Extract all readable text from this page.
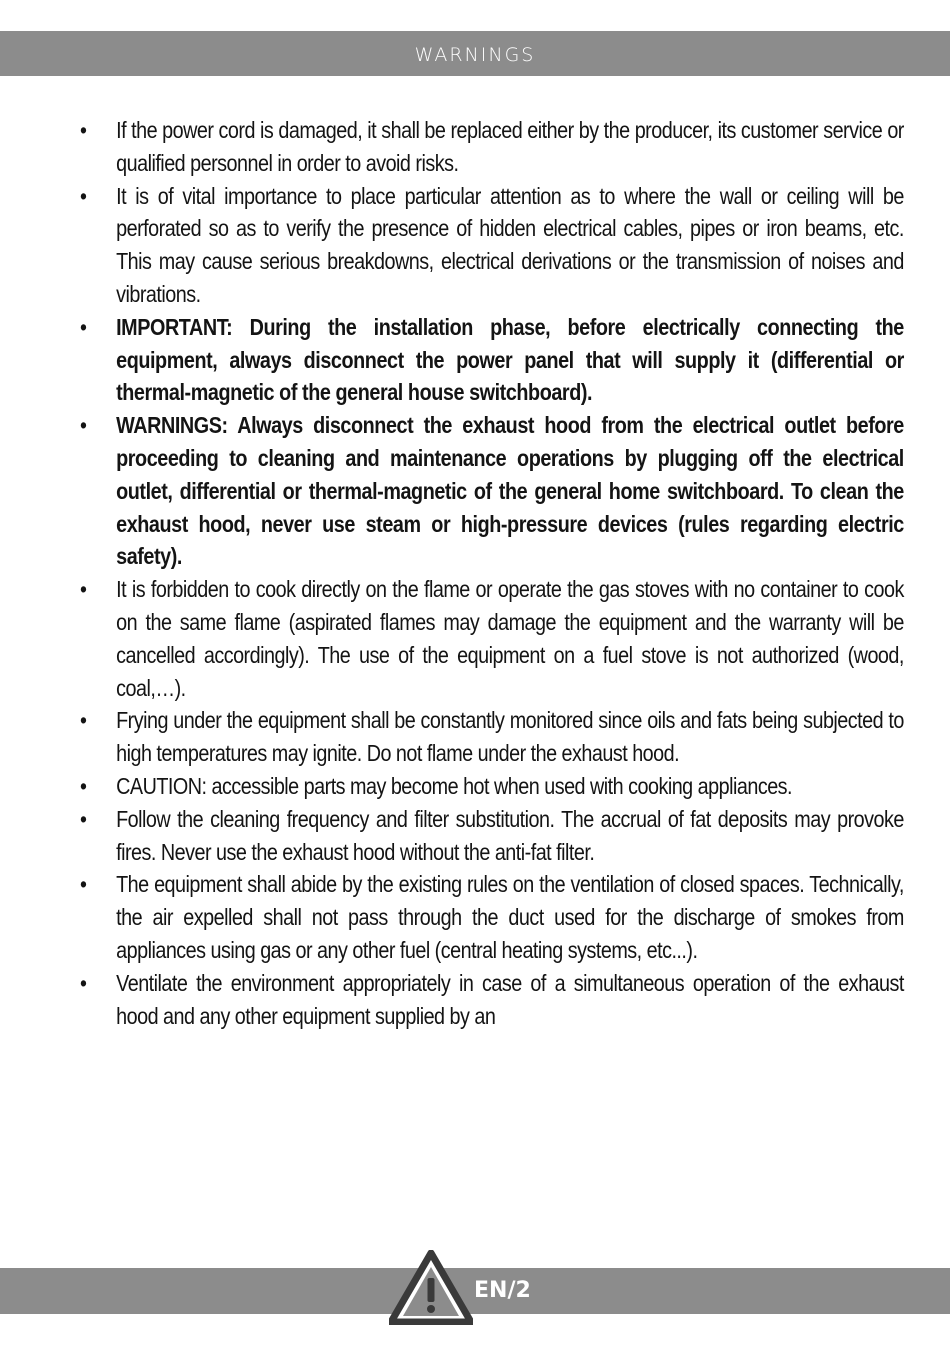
WARNINGS

•	If the power cord is damaged, it shall be replaced either by the producer, its customer service or qualified personnel in order to avoid risks.

•	It is of vital importance to place particular attention as to where the wall or ceiling will be perforated so as to verify the presence of hidden electrical cables, pipes or iron beams, etc. This may cause serious breakdowns, electrical derivations or the transmission of noises and vibrations.

•	IMPORTANT: During the installation phase, before electrically connecting the equipment, always disconnect the power panel that will supply it (differential or thermal-magnetic of the general house switchboard).

•	WARNINGS: Always disconnect the exhaust hood from the electrical outlet before proceeding to cleaning and maintenance operations by plugging off the electrical outlet, differential or thermal-magnetic of the general home switchboard. To clean the exhaust hood, never use steam or high-pressure devices (rules regarding electric safety).

•	It is forbidden to cook directly on the flame or operate the gas stoves with no container to cook on the same flame (aspirated flames may damage the equipment and the warranty will be cancelled accordingly). The use of the equipment on a fuel stove is not authorized (wood, coal,…).

•	Frying under the equipment shall be constantly monitored since oils and fats being subjected to high temperatures may ignite. Do not flame under the exhaust hood.

•	CAUTION: accessible parts may become hot when used with cooking appliances.

•	Follow the cleaning frequency and filter substitution. The accrual of fat deposits may provoke fires. Never use the exhaust hood without the anti-fat filter.

•	The equipment shall abide by the existing rules on the ventilation of closed spaces. Technically, the air expelled shall not pass through the duct used for the discharge of smokes from appliances using gas or any other fuel (central heating systems, etc...).

•	Ventilate the environment appropriately in case of a simultaneous operation of the exhaust hood and any other equipment supplied by an

EN/2
